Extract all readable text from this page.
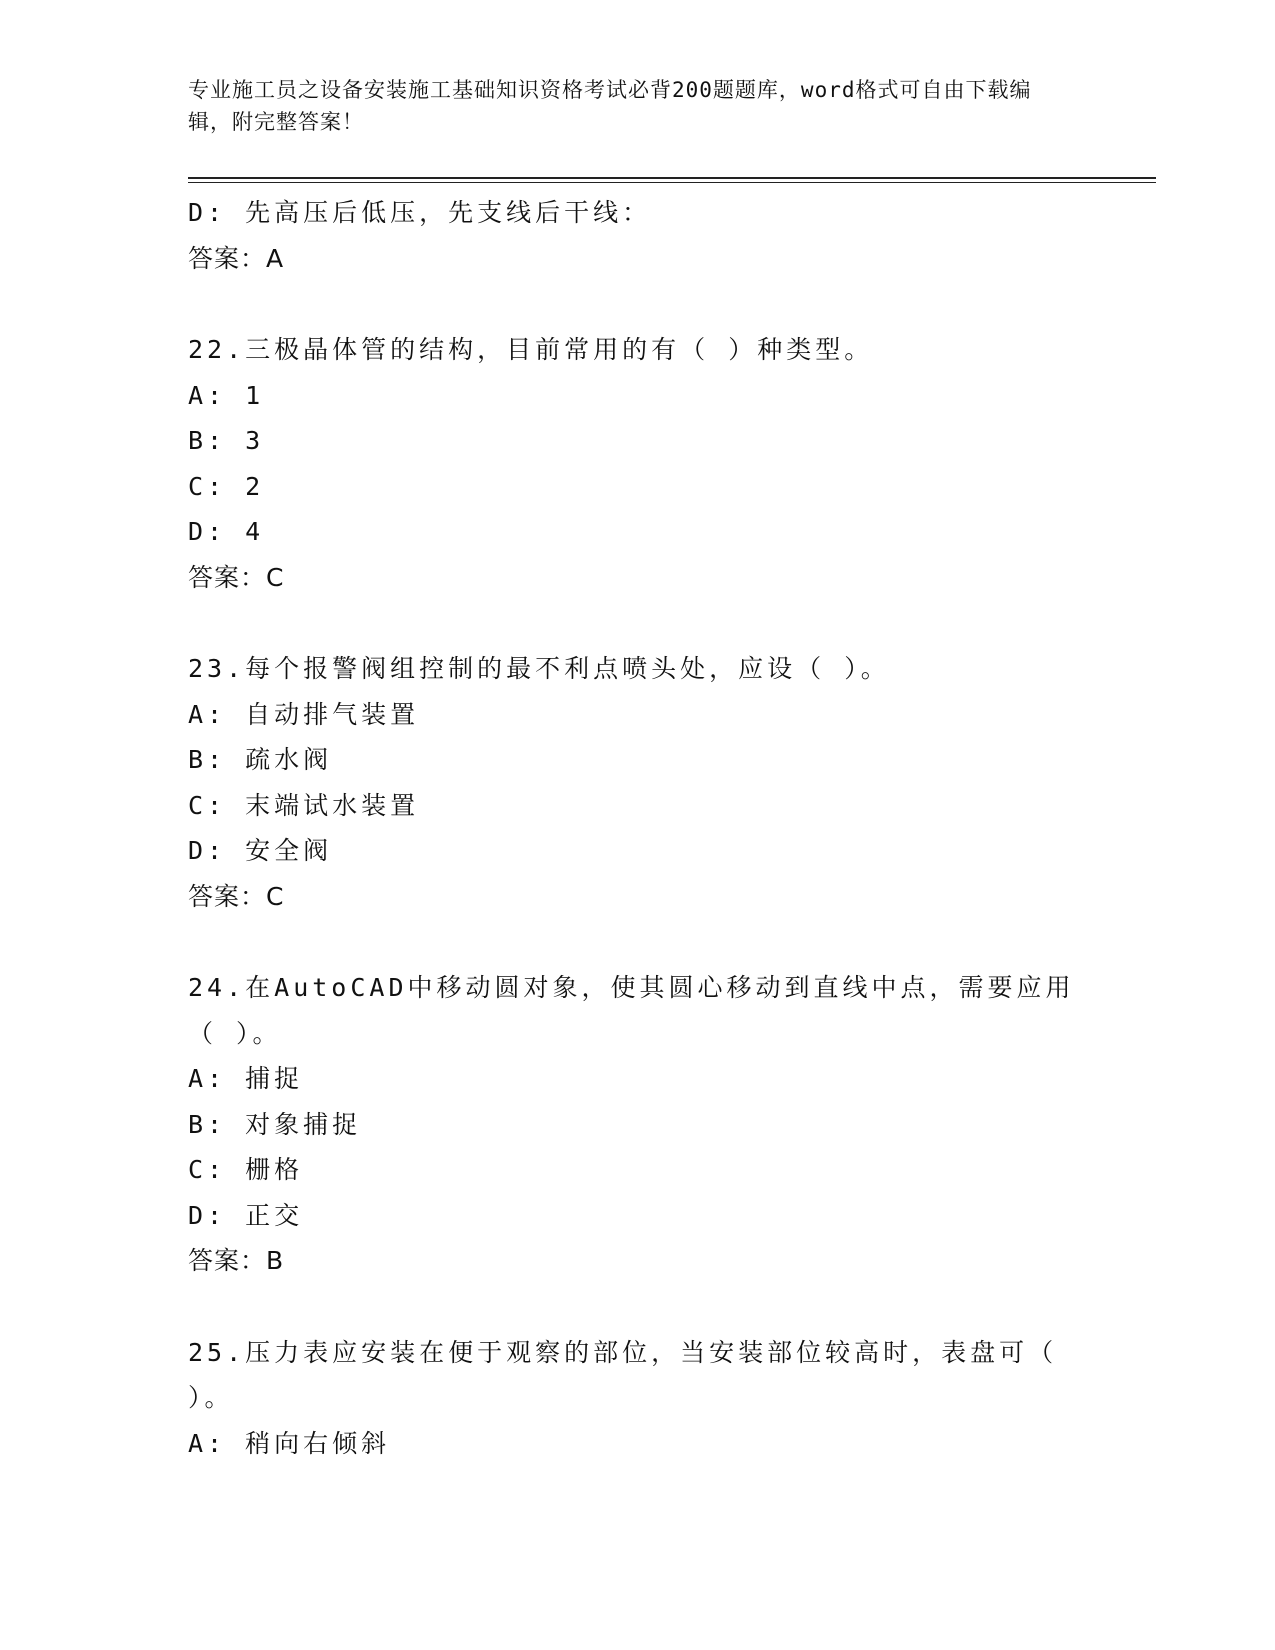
专业施工员之设备安装施工基础知识资格考试必背200题题库，word格式可自由下载编辑，附完整答案！
D: 先高压后低压，先支线后干线：
答案：A
22.三极晶体管的结构，目前常用的有（ ）种类型。
A: 1
B: 3
C: 2
D: 4
答案：C
23.每个报警阀组控制的最不利点喷头处，应设（ ）。
A: 自动排气装置
B: 疏水阀
C: 末端试水装置
D: 安全阀
答案：C
24.在AutoCAD中移动圆对象，使其圆心移动到直线中点，需要应用（ ）。
A: 捕捉
B: 对象捕捉
C: 栅格
D: 正交
答案：B
25.压力表应安装在便于观察的部位，当安装部位较高时，表盘可（ ）。
A: 稍向右倾斜
